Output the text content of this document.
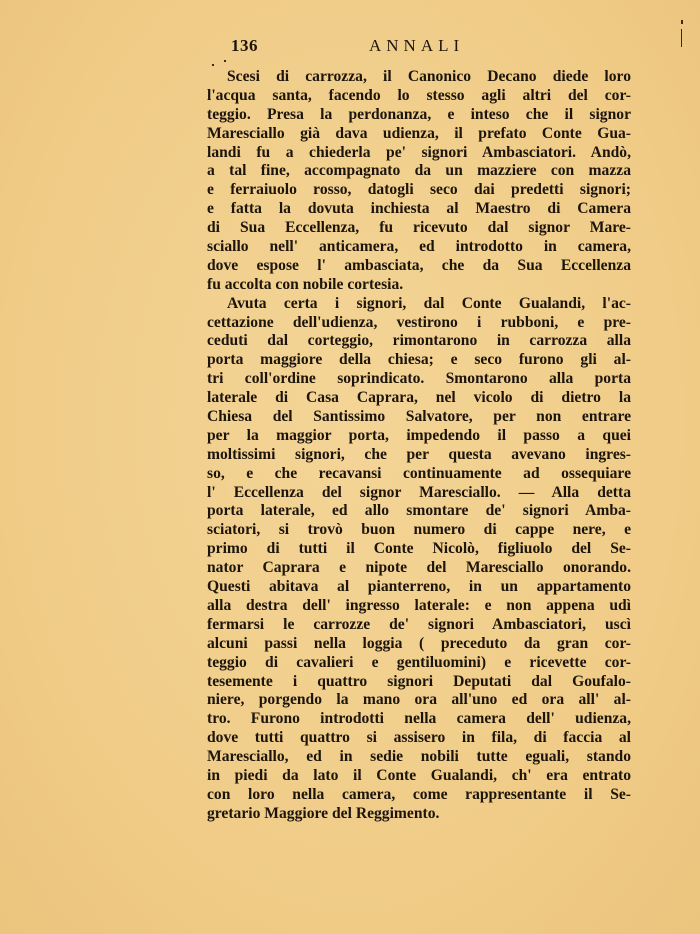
136	ANNALI
Scesi di carrozza, il Canonico Decano diede loro
l'acqua santa, facendo lo stesso agli altri del cor-
teggio. Presa la perdonanza, e inteso che il signor
Maresciallo già dava udienza, il prefato Conte Gua-
landi fu a chiederla pe' signori Ambasciatori. Andò,
a tal fine, accompagnato da un mazziere con mazza
e ferraiuolo rosso, datogli seco dai predetti signori;
e fatta la dovuta inchiesta al Maestro di Camera
di Sua Eccellenza, fu ricevuto dal signor Mare-
sciallo nell' anticamera, ed introdotto in camera,
dove espose l' ambasciata, che da Sua Eccellenza
fu accolta con nobile cortesia.
Avuta certa i signori, dal Conte Gualandi, l'ac-
cettazione dell'udienza, vestirono i rubboni, e pre-
ceduti dal corteggio, rimontarono in carrozza alla
porta maggiore della chiesa; e seco furono gli al-
tri coll'ordine soprindicato. Smontarono alla porta
laterale di Casa Caprara, nel vicolo di dietro la
Chiesa del Santissimo Salvatore, per non entrare
per la maggior porta, impedendo il passo a quei
moltissimi signori, che per questa avevano ingres-
so, e che recavansi continuamente ad ossequiare
l' Eccellenza del signor Maresciallo. — Alla detta
porta laterale, ed allo smontare de' signori Amba-
sciatori, si trovò buon numero di cappe nere, e
primo di tutti il Conte Nicolò, figliuolo del Se-
nator Caprara e nipote del Maresciallo onorando.
Questi abitava al pianterreno, in un appartamento
alla destra dell' ingresso laterale: e non appena udì
fermarsi le carrozze de' signori Ambasciatori, uscì
alcuni passi nella loggia ( preceduto da gran cor-
teggio di cavalieri e gentiluomini) e ricevette cor-
tesemente i quattro signori Deputati dal Goufalo-
niere, porgendo la mano ora all'uno ed ora all' al-
tro. Furono introdotti nella camera dell' udienza,
dove tutti quattro si assisero in fila, di faccia al
Maresciallo, ed in sedie nobili tutte eguali, stando
in piedi da lato il Conte Gualandi, ch' era entrato
con loro nella camera, come rappresentante il Se-
gretario Maggiore del Reggimento.
